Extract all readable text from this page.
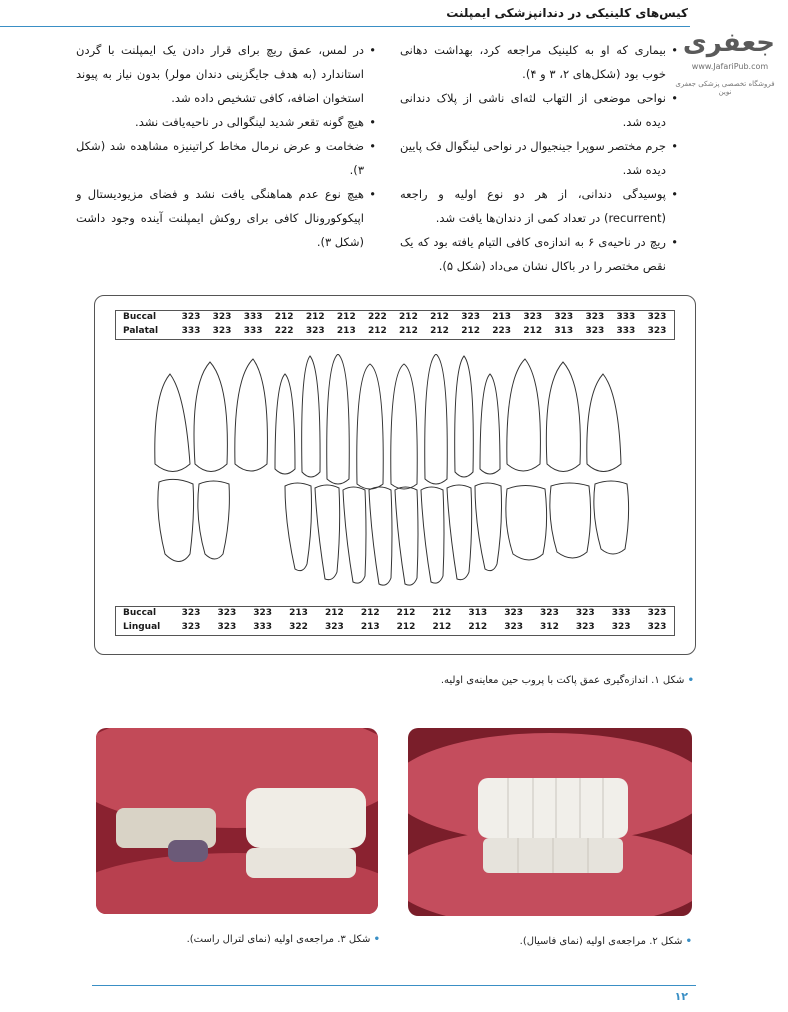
کیس‌های کلینیکی در دندانپزشکی ایمپلنت
جعفری
www.JafariPub.com
فروشگاه تخصصی پزشکی جعفری نوین
• بیماری که او به کلینیک مراجعه کرد، بهداشت دهانی خوب بود (شکل‌های ۲، ۳ و ۴).
• نواحی موضعی از التهاب لثه‌ای ناشی از پلاک دندانی دیده شد.
• جرم مختصر سوپرا جینجیوال در نواحی لینگوال فک پایین دیده شد.
• پوسیدگی دندانی، از هر دو نوع اولیه و راجعه (recurrent) در تعداد کمی از دندان‌ها یافت شد.
• ریچ در ناحیه‌ی ۶ به اندازه‌ی کافی التیام یافته بود که یک نقص مختصر را در باکال نشان می‌داد (شکل ۵).
• در لمس، عمق ریچ برای قرار دادن یک ایمپلنت با گردن استاندارد (به هدف جایگزینی دندان مولر) بدون نیاز به پیوند استخوان اضافه، کافی تشخیص داده شد.
• هیچ گونه تقعر شدید لینگوالی در ناحیه‌یافت نشد.
• ضخامت و عرض نرمال مخاط کراتینیزه مشاهده شد (شکل ۳).
• هیچ نوع عدم هماهنگی یافت نشد و فضای مزیودیستال و اپیکوکورونال کافی برای روکش ایمپلنت آینده وجود داشت (شکل ۳).
Buccal	323	323	333	212	212	212	222	212	212	323	213	323	323	323	333	323
Palatal	333	323	333	222	323	213	212	212	212	212	223	212	313	323	333	323
Buccal	323	323	323	213	212	212	212	212	313	323	323	323	333	323
Lingual	323	323	333	322	323	213	212	212	212	323	312	323	323	323
• شکل ۱. اندازه‌گیری عمق پاکت با پروب حین معاینه‌ی اولیه.
• شکل ۲. مراجعه‌ی اولیه (نمای فاسیال).
• شکل ۳. مراجعه‌ی اولیه (نمای لترال راست).
۱۲
